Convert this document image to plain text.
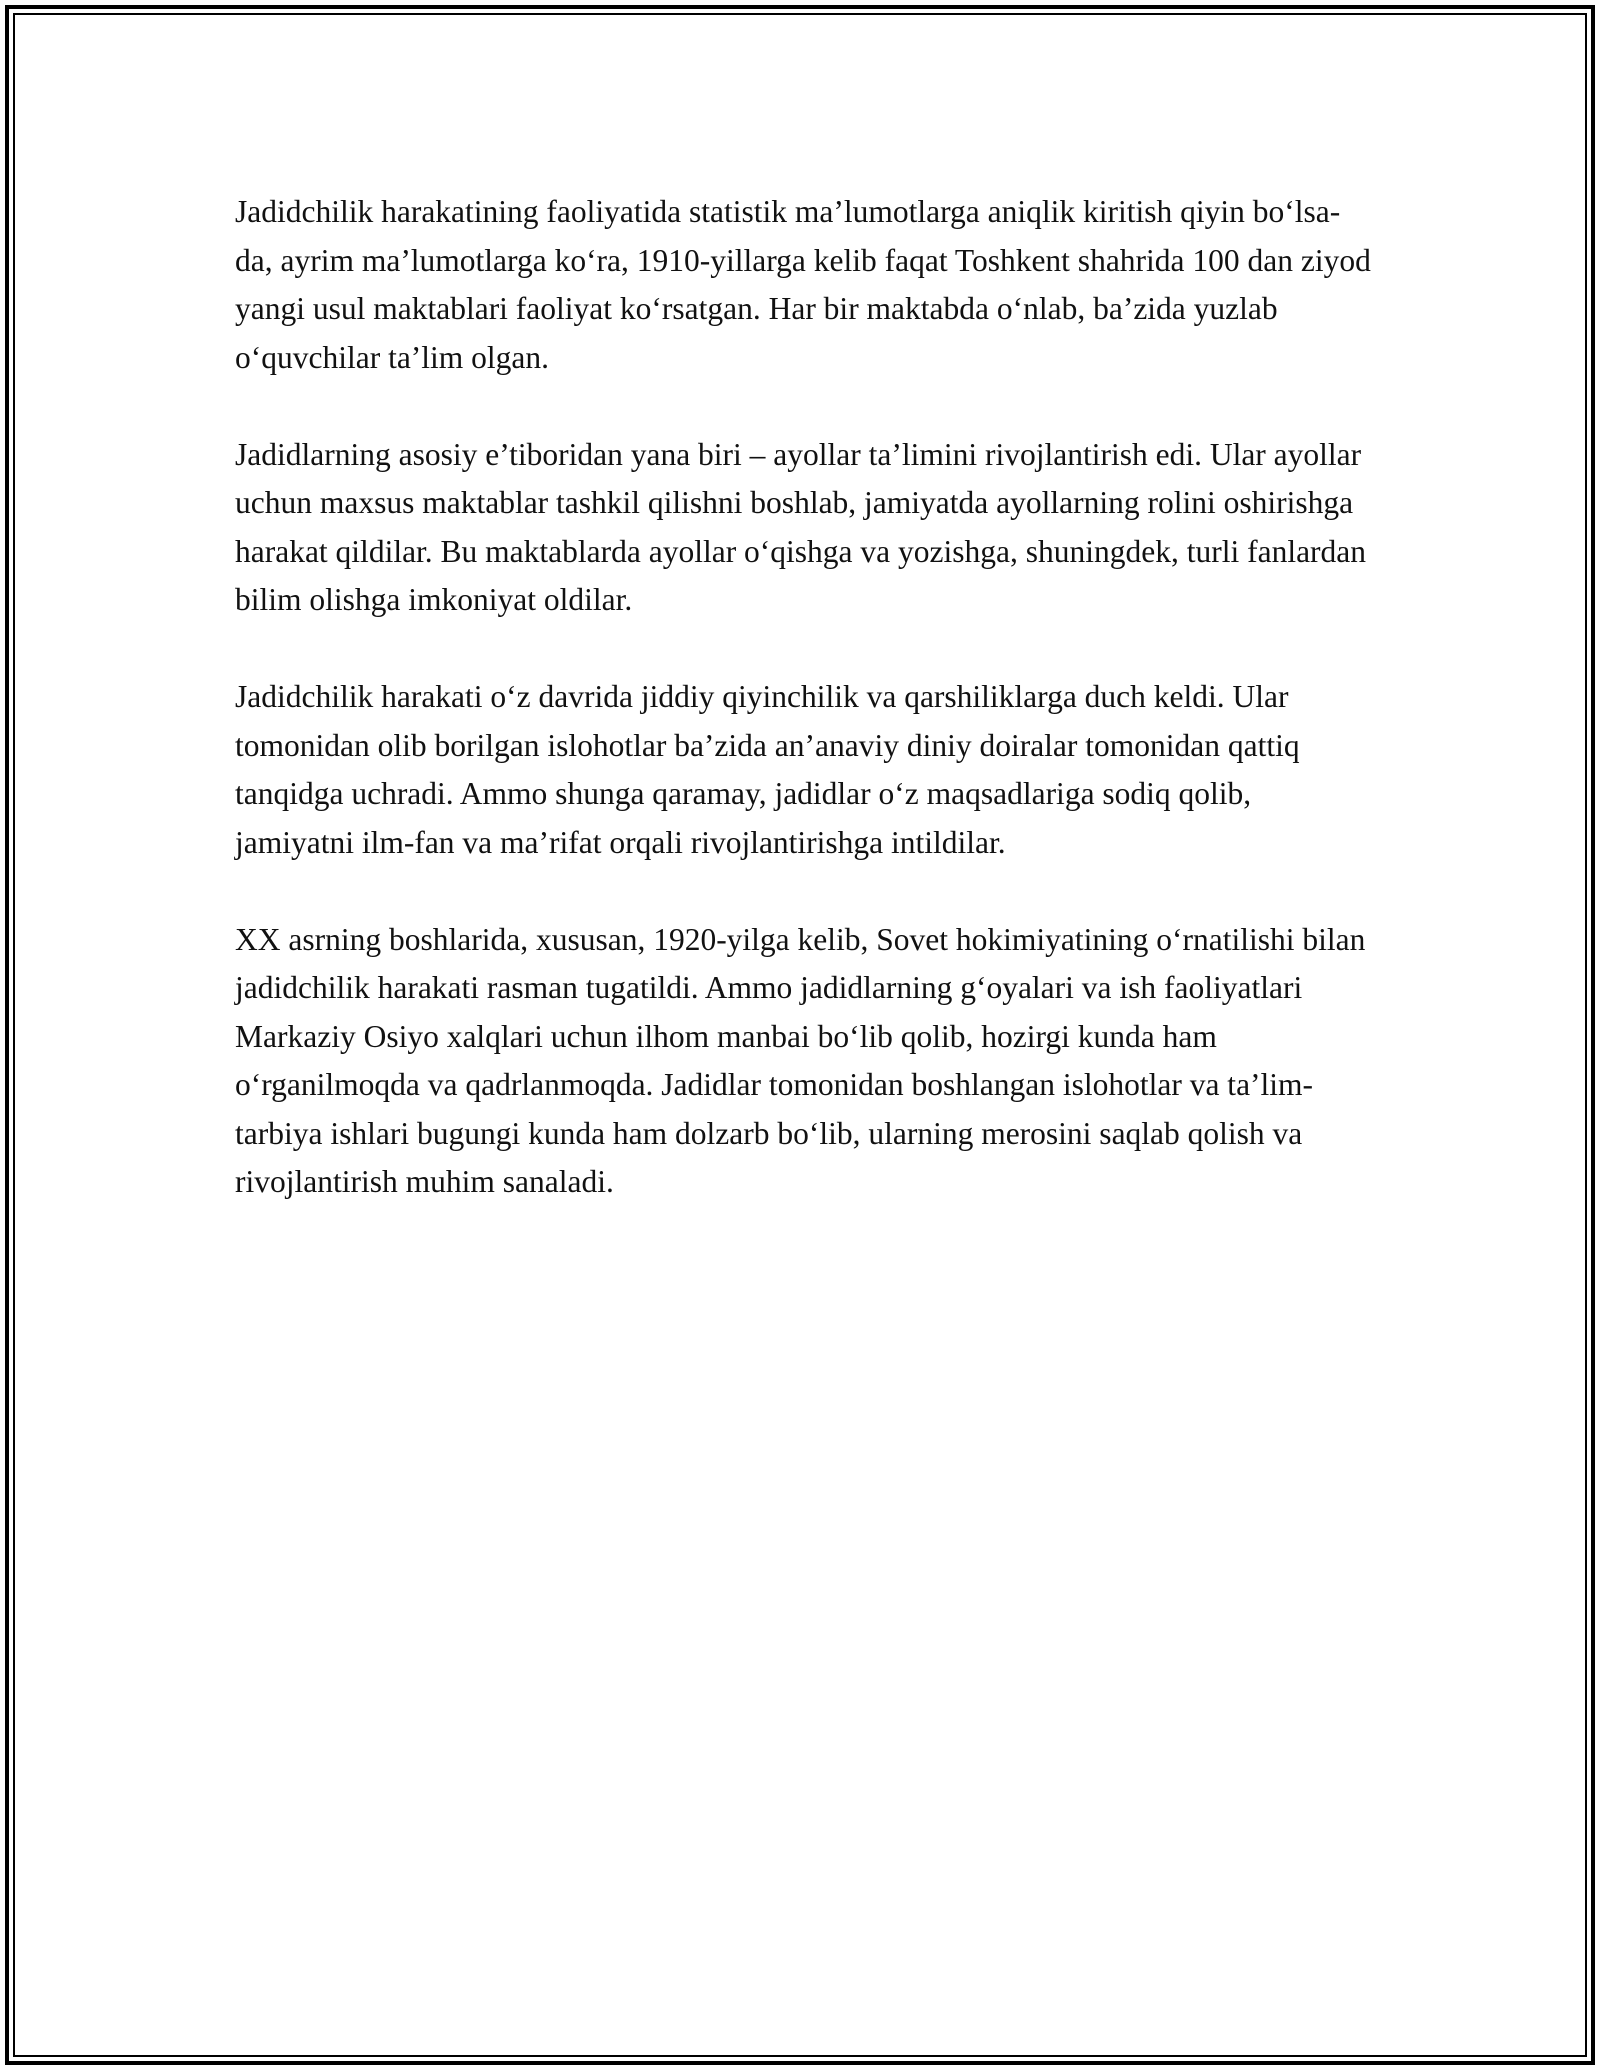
Jadidchilik harakatining faoliyatida statistik ma’lumotlarga aniqlik kiritish qiyin bo‘lsa-da, ayrim ma’lumotlarga ko‘ra, 1910-yillarga kelib faqat Toshkent shahrida 100 dan ziyod yangi usul maktablari faoliyat ko‘rsatgan. Har bir maktabda o‘nlab, ba’zida yuzlab o‘quvchilar ta’lim olgan.

Jadidlarning asosiy e’tiboridan yana biri – ayollar ta’limini rivojlantirish edi. Ular ayollar uchun maxsus maktablar tashkil qilishni boshlab, jamiyatda ayollarning rolini oshirishga harakat qildilar. Bu maktablarda ayollar o‘qishga va yozishga, shuningdek, turli fanlardan bilim olishga imkoniyat oldilar.

Jadidchilik harakati o‘z davrida jiddiy qiyinchilik va qarshiliklarga duch keldi. Ular tomonidan olib borilgan islohotlar ba’zida an’anaviy diniy doiralar tomonidan qattiq tanqidga uchradi. Ammo shunga qaramay, jadidlar o‘z maqsadlariga sodiq qolib, jamiyatni ilm-fan va ma’rifat orqali rivojlantirishga intildilar.

XX asrning boshlarida, xususan, 1920-yilga kelib, Sovet hokimiyatining o‘rnatilishi bilan jadidchilik harakati rasman tugatildi. Ammo jadidlarning g‘oyalari va ish faoliyatlari Markaziy Osiyo xalqlari uchun ilhom manbai bo‘lib qolib, hozirgi kunda ham o‘rganilmoqda va qadrlanmoqda. Jadidlar tomonidan boshlangan islohotlar va ta’lim-tarbiya ishlari bugungi kunda ham dolzarb bo‘lib, ularning merosini saqlab qolish va rivojlantirish muhim sanaladi.
